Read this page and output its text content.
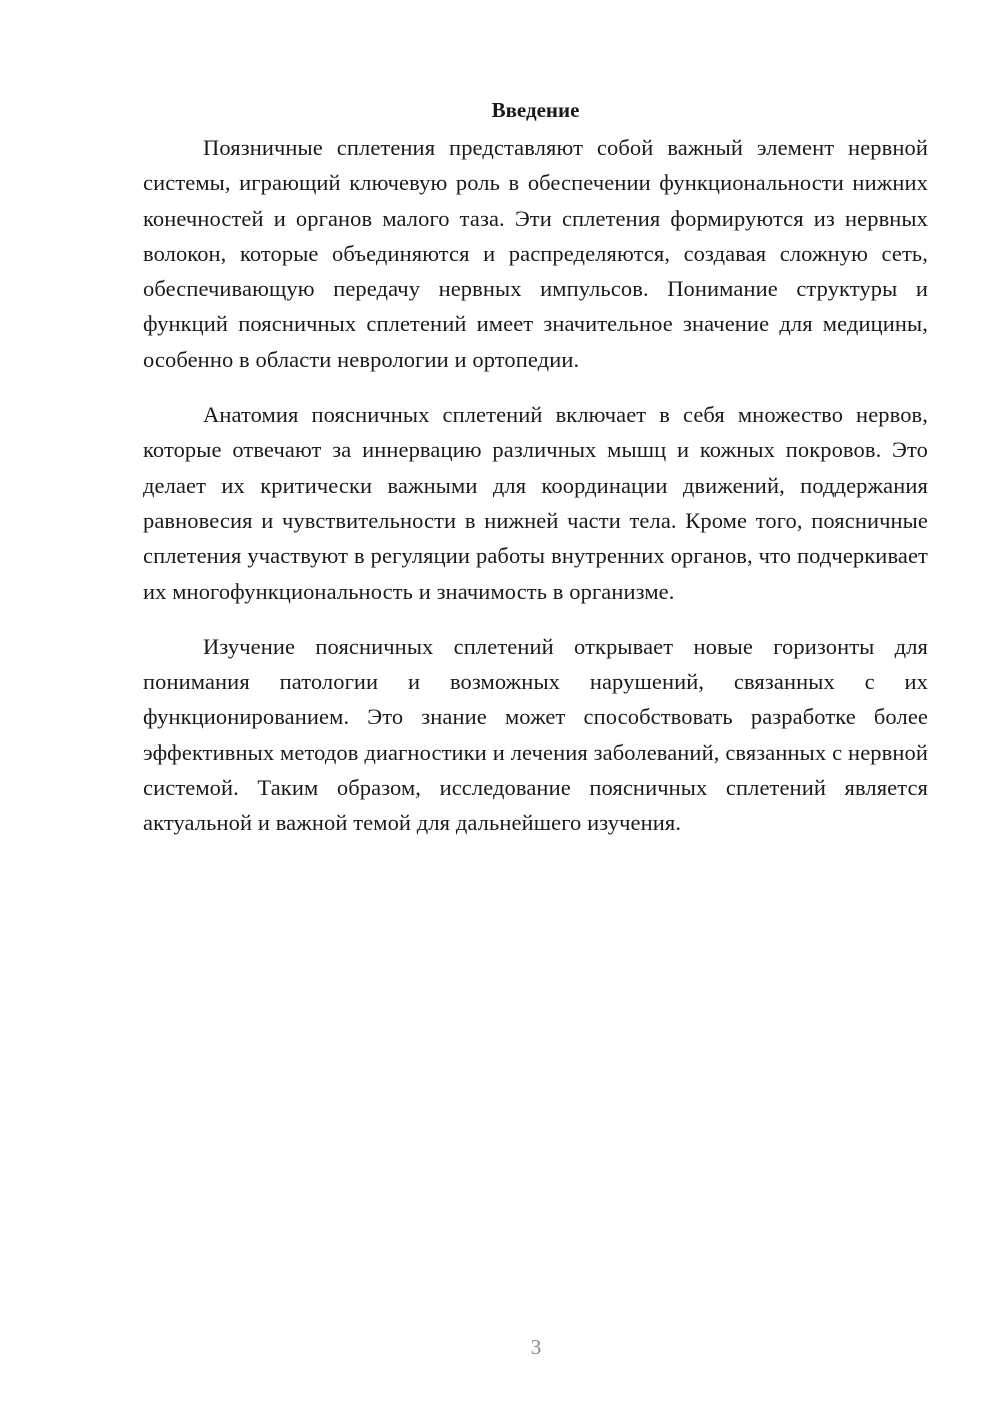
Введение

Поязничные сплетения представляют собой важный элемент нервной системы, играющий ключевую роль в обеспечении функциональности нижних конечностей и органов малого таза. Эти сплетения формируются из нервных волокон, которые объединяются и распределяются, создавая сложную сеть, обеспечивающую передачу нервных импульсов. Понимание структуры и функций поясничных сплетений имеет значительное значение для медицины, особенно в области неврологии и ортопедии.

Анатомия поясничных сплетений включает в себя множество нервов, которые отвечают за иннервацию различных мышц и кожных покровов. Это делает их критически важными для координации движений, поддержания равновесия и чувствительности в нижней части тела. Кроме того, поясничные сплетения участвуют в регуляции работы внутренних органов, что подчеркивает их многофункциональность и значимость в организме.

Изучение поясничных сплетений открывает новые горизонты для понимания патологии и возможных нарушений, связанных с их функционированием. Это знание может способствовать разработке более эффективных методов диагностики и лечения заболеваний, связанных с нервной системой. Таким образом, исследование поясничных сплетений является актуальной и важной темой для дальнейшего изучения.

3
